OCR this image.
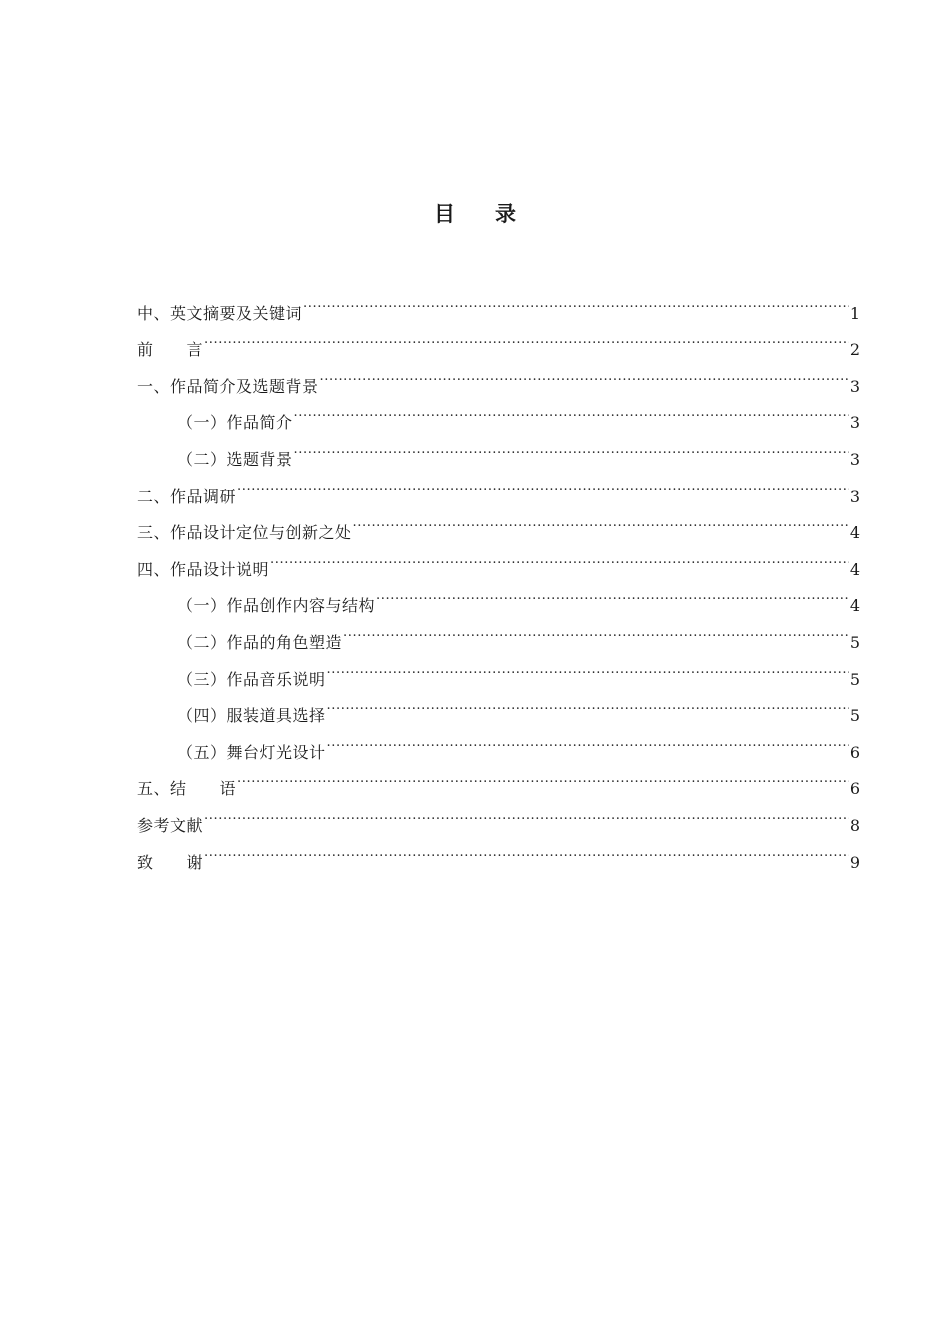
目 录
中、英文摘要及关键词 .....	1
前　　言 .....	2
一、作品简介及选题背景 .....	3
（一）作品简介 .....	3
（二）选题背景 .....	3
二、作品调研 .....	3
三、作品设计定位与创新之处 .....	4
四、作品设计说明 .....	4
（一）作品创作内容与结构 .....	4
（二）作品的角色塑造 .....	5
（三）作品音乐说明 .....	5
（四）服装道具选择 .....	5
（五）舞台灯光设计 .....	6
五、结　　语 .....	6
参考文献 .....	8
致　　谢 .....	9
